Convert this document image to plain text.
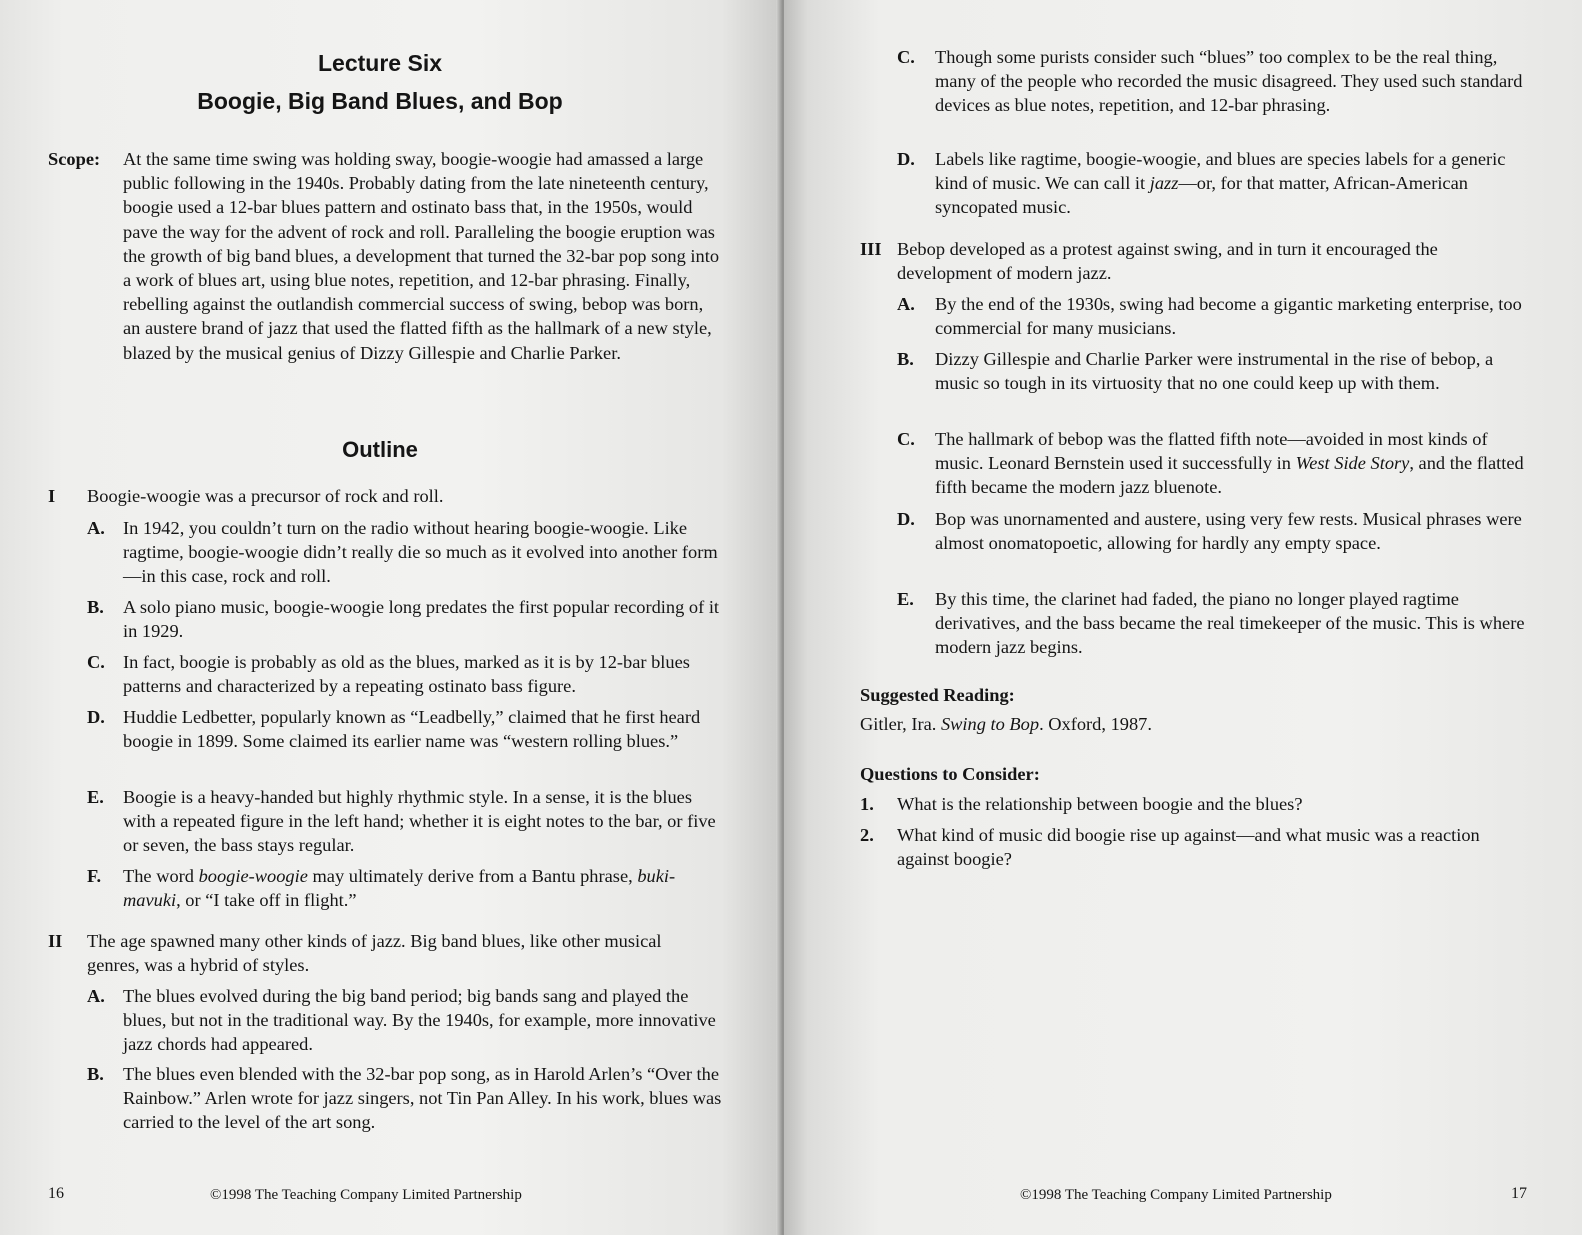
Lecture Six
Boogie, Big Band Blues, and Bop
Scope: At the same time swing was holding sway, boogie-woogie had amassed a large public following in the 1940s. Probably dating from the late nineteenth century, boogie used a 12-bar blues pattern and ostinato bass that, in the 1950s, would pave the way for the advent of rock and roll. Paralleling the boogie eruption was the growth of big band blues, a development that turned the 32-bar pop song into a work of blues art, using blue notes, repetition, and 12-bar phrasing. Finally, rebelling against the outlandish commercial success of swing, bebop was born, an austere brand of jazz that used the flatted fifth as the hallmark of a new style, blazed by the musical genius of Dizzy Gillespie and Charlie Parker.
Outline
I Boogie-woogie was a precursor of rock and roll.
A. In 1942, you couldn’t turn on the radio without hearing boogie-woogie. Like ragtime, boogie-woogie didn’t really die so much as it evolved into another form—in this case, rock and roll.
B. A solo piano music, boogie-woogie long predates the first popular recording of it in 1929.
C. In fact, boogie is probably as old as the blues, marked as it is by 12-bar blues patterns and characterized by a repeating ostinato bass figure.
D. Huddie Ledbetter, popularly known as “Leadbelly,” claimed that he first heard boogie in 1899. Some claimed its earlier name was “western rolling blues.”
E. Boogie is a heavy-handed but highly rhythmic style. In a sense, it is the blues with a repeated figure in the left hand; whether it is eight notes to the bar, or five or seven, the bass stays regular.
F. The word boogie-woogie may ultimately derive from a Bantu phrase, buki-mavuki, or “I take off in flight.”
II The age spawned many other kinds of jazz. Big band blues, like other musical genres, was a hybrid of styles.
A. The blues evolved during the big band period; big bands sang and played the blues, but not in the traditional way. By the 1940s, for example, more innovative jazz chords had appeared.
B. The blues even blended with the 32-bar pop song, as in Harold Arlen’s “Over the Rainbow.” Arlen wrote for jazz singers, not Tin Pan Alley. In his work, blues was carried to the level of the art song.
16	©1998 The Teaching Company Limited Partnership
C. Though some purists consider such “blues” too complex to be the real thing, many of the people who recorded the music disagreed. They used such standard devices as blue notes, repetition, and 12-bar phrasing.
D. Labels like ragtime, boogie-woogie, and blues are species labels for a generic kind of music. We can call it jazz—or, for that matter, African-American syncopated music.
III Bebop developed as a protest against swing, and in turn it encouraged the development of modern jazz.
A. By the end of the 1930s, swing had become a gigantic marketing enterprise, too commercial for many musicians.
B. Dizzy Gillespie and Charlie Parker were instrumental in the rise of bebop, a music so tough in its virtuosity that no one could keep up with them.
C. The hallmark of bebop was the flatted fifth note—avoided in most kinds of music. Leonard Bernstein used it successfully in West Side Story, and the flatted fifth became the modern jazz bluenote.
D. Bop was unornamented and austere, using very few rests. Musical phrases were almost onomatopoetic, allowing for hardly any empty space.
E. By this time, the clarinet had faded, the piano no longer played ragtime derivatives, and the bass became the real timekeeper of the music. This is where modern jazz begins.
Suggested Reading:
Gitler, Ira. Swing to Bop. Oxford, 1987.
Questions to Consider:
1. What is the relationship between boogie and the blues?
2. What kind of music did boogie rise up against—and what music was a reaction against boogie?
©1998 The Teaching Company Limited Partnership	17
